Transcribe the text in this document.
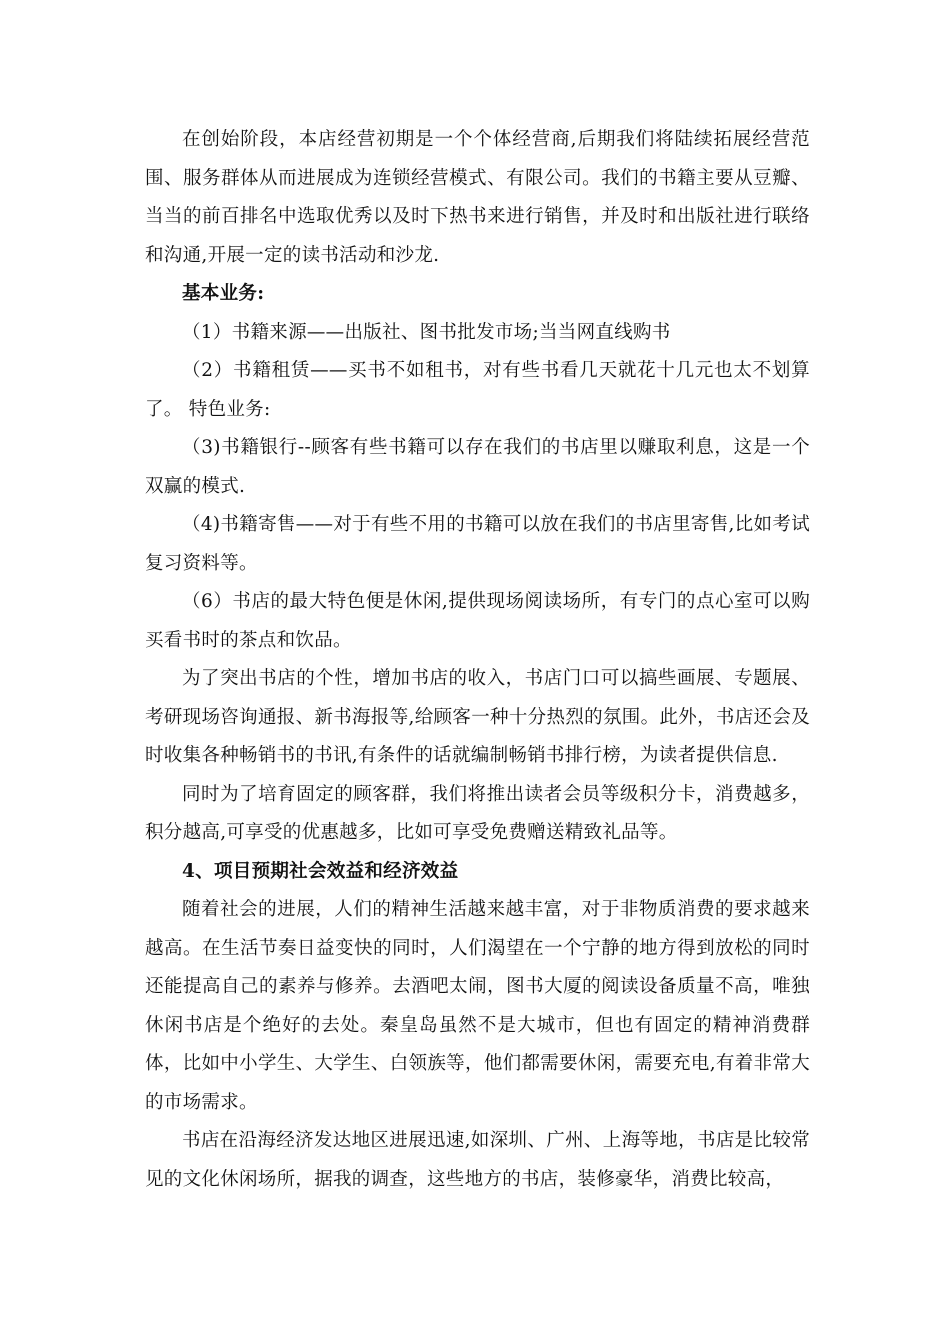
在创始阶段，本店经营初期是一个个体经营商,后期我们将陆续拓展经营范围、服务群体从而进展成为连锁经营模式、有限公司。我们的书籍主要从豆瓣、当当的前百排名中选取优秀以及时下热书来进行销售，并及时和出版社进行联络和沟通,开展一定的读书活动和沙龙.

基本业务:

（1）书籍来源——出版社、图书批发市场;当当网直线购书

（2）书籍租赁——买书不如租书，对有些书看几天就花十几元也太不划算了。 特色业务:

（3)书籍银行--顾客有些书籍可以存在我们的书店里以赚取利息，这是一个双赢的模式.

（4)书籍寄售——对于有些不用的书籍可以放在我们的书店里寄售,比如考试复习资料等。

（6）书店的最大特色便是休闲,提供现场阅读场所，有专门的点心室可以购买看书时的茶点和饮品。

为了突出书店的个性，增加书店的收入，书店门口可以搞些画展、专题展、考研现场咨询通报、新书海报等,给顾客一种十分热烈的氛围。此外，书店还会及时收集各种畅销书的书讯,有条件的话就编制畅销书排行榜，为读者提供信息.

同时为了培育固定的顾客群，我们将推出读者会员等级积分卡，消费越多，积分越高,可享受的优惠越多，比如可享受免费赠送精致礼品等。

4、项目预期社会效益和经济效益

随着社会的进展，人们的精神生活越来越丰富，对于非物质消费的要求越来越高。在生活节奏日益变快的同时，人们渴望在一个宁静的地方得到放松的同时还能提高自己的素养与修养。去酒吧太闹，图书大厦的阅读设备质量不高，唯独休闲书店是个绝好的去处。秦皇岛虽然不是大城市，但也有固定的精神消费群体，比如中小学生、大学生、白领族等，他们都需要休闲，需要充电,有着非常大的市场需求。

书店在沿海经济发达地区进展迅速,如深圳、广州、上海等地，书店是比较常见的文化休闲场所，据我的调查，这些地方的书店，装修豪华，消费比较高，
